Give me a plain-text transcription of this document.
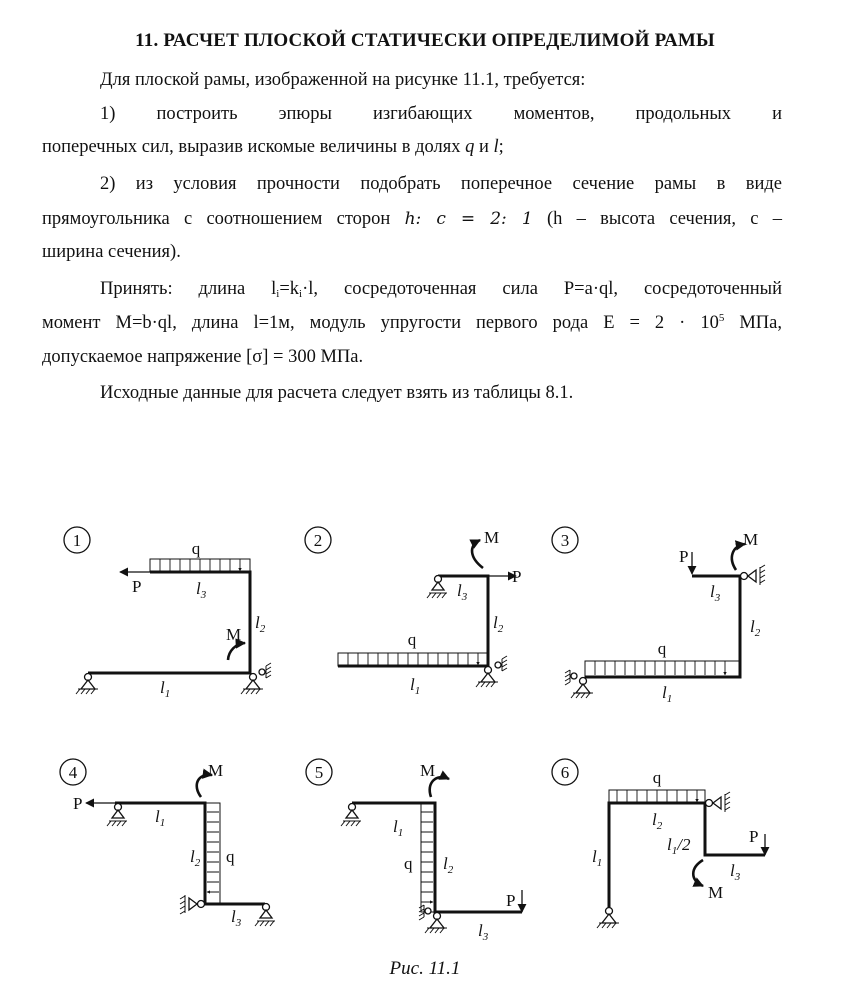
11. РАСЧЕТ ПЛОСКОЙ СТАТИЧЕСКИ ОПРЕДЕЛИМОЙ РАМЫ
Для плоской рамы, изображенной на рисунке 11.1, требуется:
1) построить эпюры изгибающих моментов, продольных и
поперечных сил, выразив искомые величины в долях q и l;
2) из условия прочности подобрать поперечное сечение рамы в виде
прямоугольника с соотношением сторон h: c = 2: 1 (h – высота сечения, c –
ширина сечения).
Принять: длина $l_i=k_i\cdot l$, сосредоточенная сила P=a·ql, сосредоточенный
момент M=b·ql, длина l=1м, модуль упругости первого рода $E = 2 \cdot 10^5$ МПа,
допускаемое напряжение [σ] = 300 МПа.
Исходные данные для расчета следует взять из таблицы 8.1.
1	q
P	$l_3$
M
$l_2$
$l_1$
2	M
P
$l_3$
$l_2$
q
$l_1$
3
P
M
$l_3$
$l_2$
q
$l_1$
4	M
P
$l_1$
$l_2$ q
$l_3$
5	M
$l_1$
q $l_2$
P
$l_3$
6	q
$l_2$
$l_1/2$	P
$l_1$	$l_3$
M
Рис. 11.1
